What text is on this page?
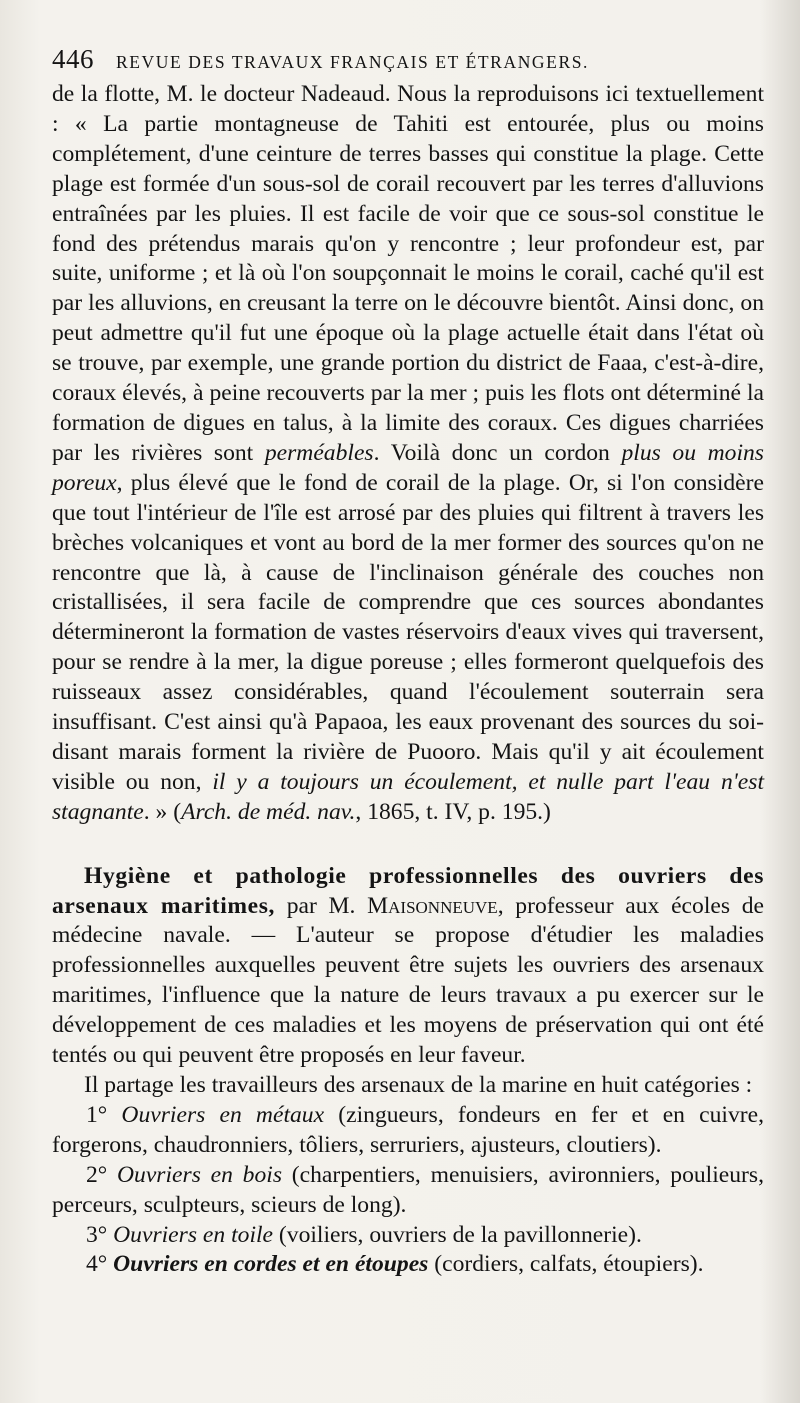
446	REVUE DES TRAVAUX FRANÇAIS ET ÉTRANGERS.

de la flotte, M. le docteur Nadeaud. Nous la reproduisons ici textuellement : « La partie montagneuse de Tahiti est entourée, plus ou moins complétement, d'une ceinture de terres basses qui constitue la plage. Cette plage est formée d'un sous-sol de corail recouvert par les terres d'alluvions entraînées par les pluies. Il est facile de voir que ce sous-sol constitue le fond des prétendus marais qu'on y rencontre ; leur profondeur est, par suite, uniforme ; et là où l'on soupçonnait le moins le corail, caché qu'il est par les alluvions, en creusant la terre on le découvre bientôt. Ainsi donc, on peut admettre qu'il fut une époque où la plage actuelle était dans l'état où se trouve, par exemple, une grande portion du district de Faaa, c'est-à-dire, coraux élevés, à peine recouverts par la mer ; puis les flots ont déterminé la formation de digues en talus, à la limite des coraux. Ces digues charriées par les rivières sont perméables. Voilà donc un cordon plus ou moins poreux, plus élevé que le fond de corail de la plage. Or, si l'on considère que tout l'intérieur de l'île est arrosé par des pluies qui filtrent à travers les brèches volcaniques et vont au bord de la mer former des sources qu'on ne rencontre que là, à cause de l'inclinaison générale des couches non cristallisées, il sera facile de comprendre que ces sources abondantes détermineront la formation de vastes réservoirs d'eaux vives qui traversent, pour se rendre à la mer, la digue poreuse ; elles formeront quelquefois des ruisseaux assez considérables, quand l'écoulement souterrain sera insuffisant. C'est ainsi qu'à Papaoa, les eaux provenant des sources du soi-disant marais forment la rivière de Puooro. Mais qu'il y ait écoulement visible ou non, il y a toujours un écoulement, et nulle part l'eau n'est stagnante. » (Arch. de méd. nav., 1865, t. IV, p. 195.)

Hygiène et pathologie professionnelles des ouvriers des arsenaux maritimes, par M. Maisonneuve, professeur aux écoles de médecine navale. — L'auteur se propose d'étudier les maladies professionnelles auxquelles peuvent être sujets les ouvriers des arsenaux maritimes, l'influence que la nature de leurs travaux a pu exercer sur le développement de ces maladies et les moyens de préservation qui ont été tentés ou qui peuvent être proposés en leur faveur.

Il partage les travailleurs des arsenaux de la marine en huit catégories :

1° Ouvriers en métaux (zingueurs, fondeurs en fer et en cuivre, forgerons, chaudronniers, tôliers, serruriers, ajusteurs, cloutiers).

2° Ouvriers en bois (charpentiers, menuisiers, avironniers, poulieurs, perceurs, sculpteurs, scieurs de long).

3° Ouvriers en toile (voiliers, ouvriers de la pavillonnerie).

4° Ouvriers en cordes et en étoupes (cordiers, calfats, étoupiers).
